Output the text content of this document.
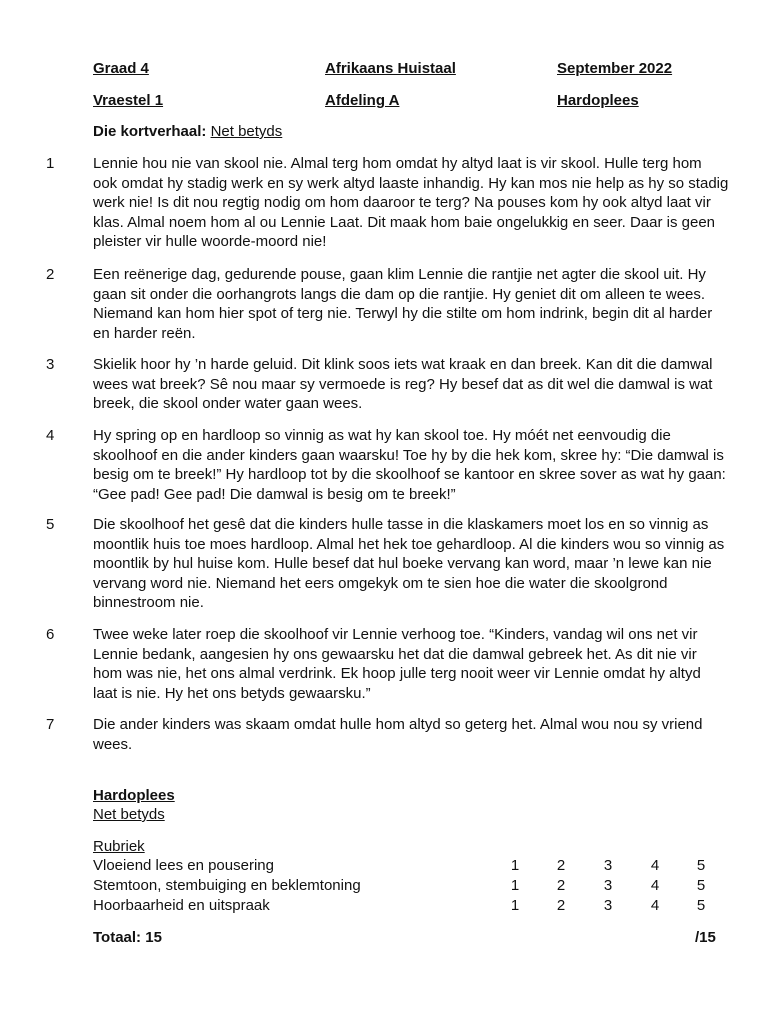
Graad 4	Afrikaans Huistaal	September 2022
Vraestel 1	Afdeling A	Hardoplees
Die kortverhaal: Net betyds
1	Lennie hou nie van skool nie. Almal terg hom omdat hy altyd laat is vir skool. Hulle terg hom ook omdat hy stadig werk en sy werk altyd laaste inhandig. Hy kan mos nie help as hy so stadig werk nie! Is dit nou regtig nodig om hom daaroor te terg? Na pouses kom hy ook altyd laat vir klas. Almal noem hom al ou Lennie Laat. Dit maak hom baie ongelukkig en seer. Daar is geen pleister vir hulle woorde-moord nie!

2	Een reënerige dag, gedurende pouse, gaan klim Lennie die rantjie net agter die skool uit. Hy gaan sit onder die oorhangrots langs die dam op die rantjie. Hy geniet dit om alleen te wees. Niemand kan hom hier spot of terg nie. Terwyl hy die stilte om hom indrink, begin dit al harder en harder reën.

3	Skielik hoor hy ’n harde geluid. Dit klink soos iets wat kraak en dan breek. Kan dit die damwal wees wat breek? Sê nou maar sy vermoede is reg? Hy besef dat as dit wel die damwal is wat breek, die skool onder water gaan wees.

4	Hy spring op en hardloop so vinnig as wat hy kan skool toe. Hy móét net eenvoudig die skoolhoof en die ander kinders gaan waarsku! Toe hy by die hek kom, skree hy: “Die damwal is besig om te breek!” Hy hardloop tot by die skoolhoof se kantoor en skree sover as wat hy gaan: “Gee pad! Gee pad! Die damwal is besig om te breek!”

5	Die skoolhoof het gesê dat die kinders hulle tasse in die klaskamers moet los en so vinnig as moontlik huis toe moes hardloop. Almal het hek toe gehardloop. Al die kinders wou so vinnig as moontlik by hul huise kom. Hulle besef dat hul boeke vervang kan word, maar ’n lewe kan nie vervang word nie. Niemand het eers omgekyk om te sien hoe die water die skoolgrond binnestroom nie.

6	Twee weke later roep die skoolhoof vir Lennie verhoog toe. “Kinders, vandag wil ons net vir Lennie bedank, aangesien hy ons gewaarsku het dat die damwal gebreek het. As dit nie vir hom was nie, het ons almal verdrink. Ek hoop julle terg nooit weer vir Lennie omdat hy altyd laat is nie. Hy het ons betyds gewaarsku.”

7	Die ander kinders was skaam omdat hulle hom altyd so geterg het. Almal wou nou sy vriend wees.

Hardoplees
Net betyds
Rubriek
Vloeiend lees en pousering	1	2	3	4	5
Stemtoon, stembuiging en beklemtoning	1	2	3	4	5
Hoorbaarheid en uitspraak	1	2	3	4	5
Totaal: 15	/15
